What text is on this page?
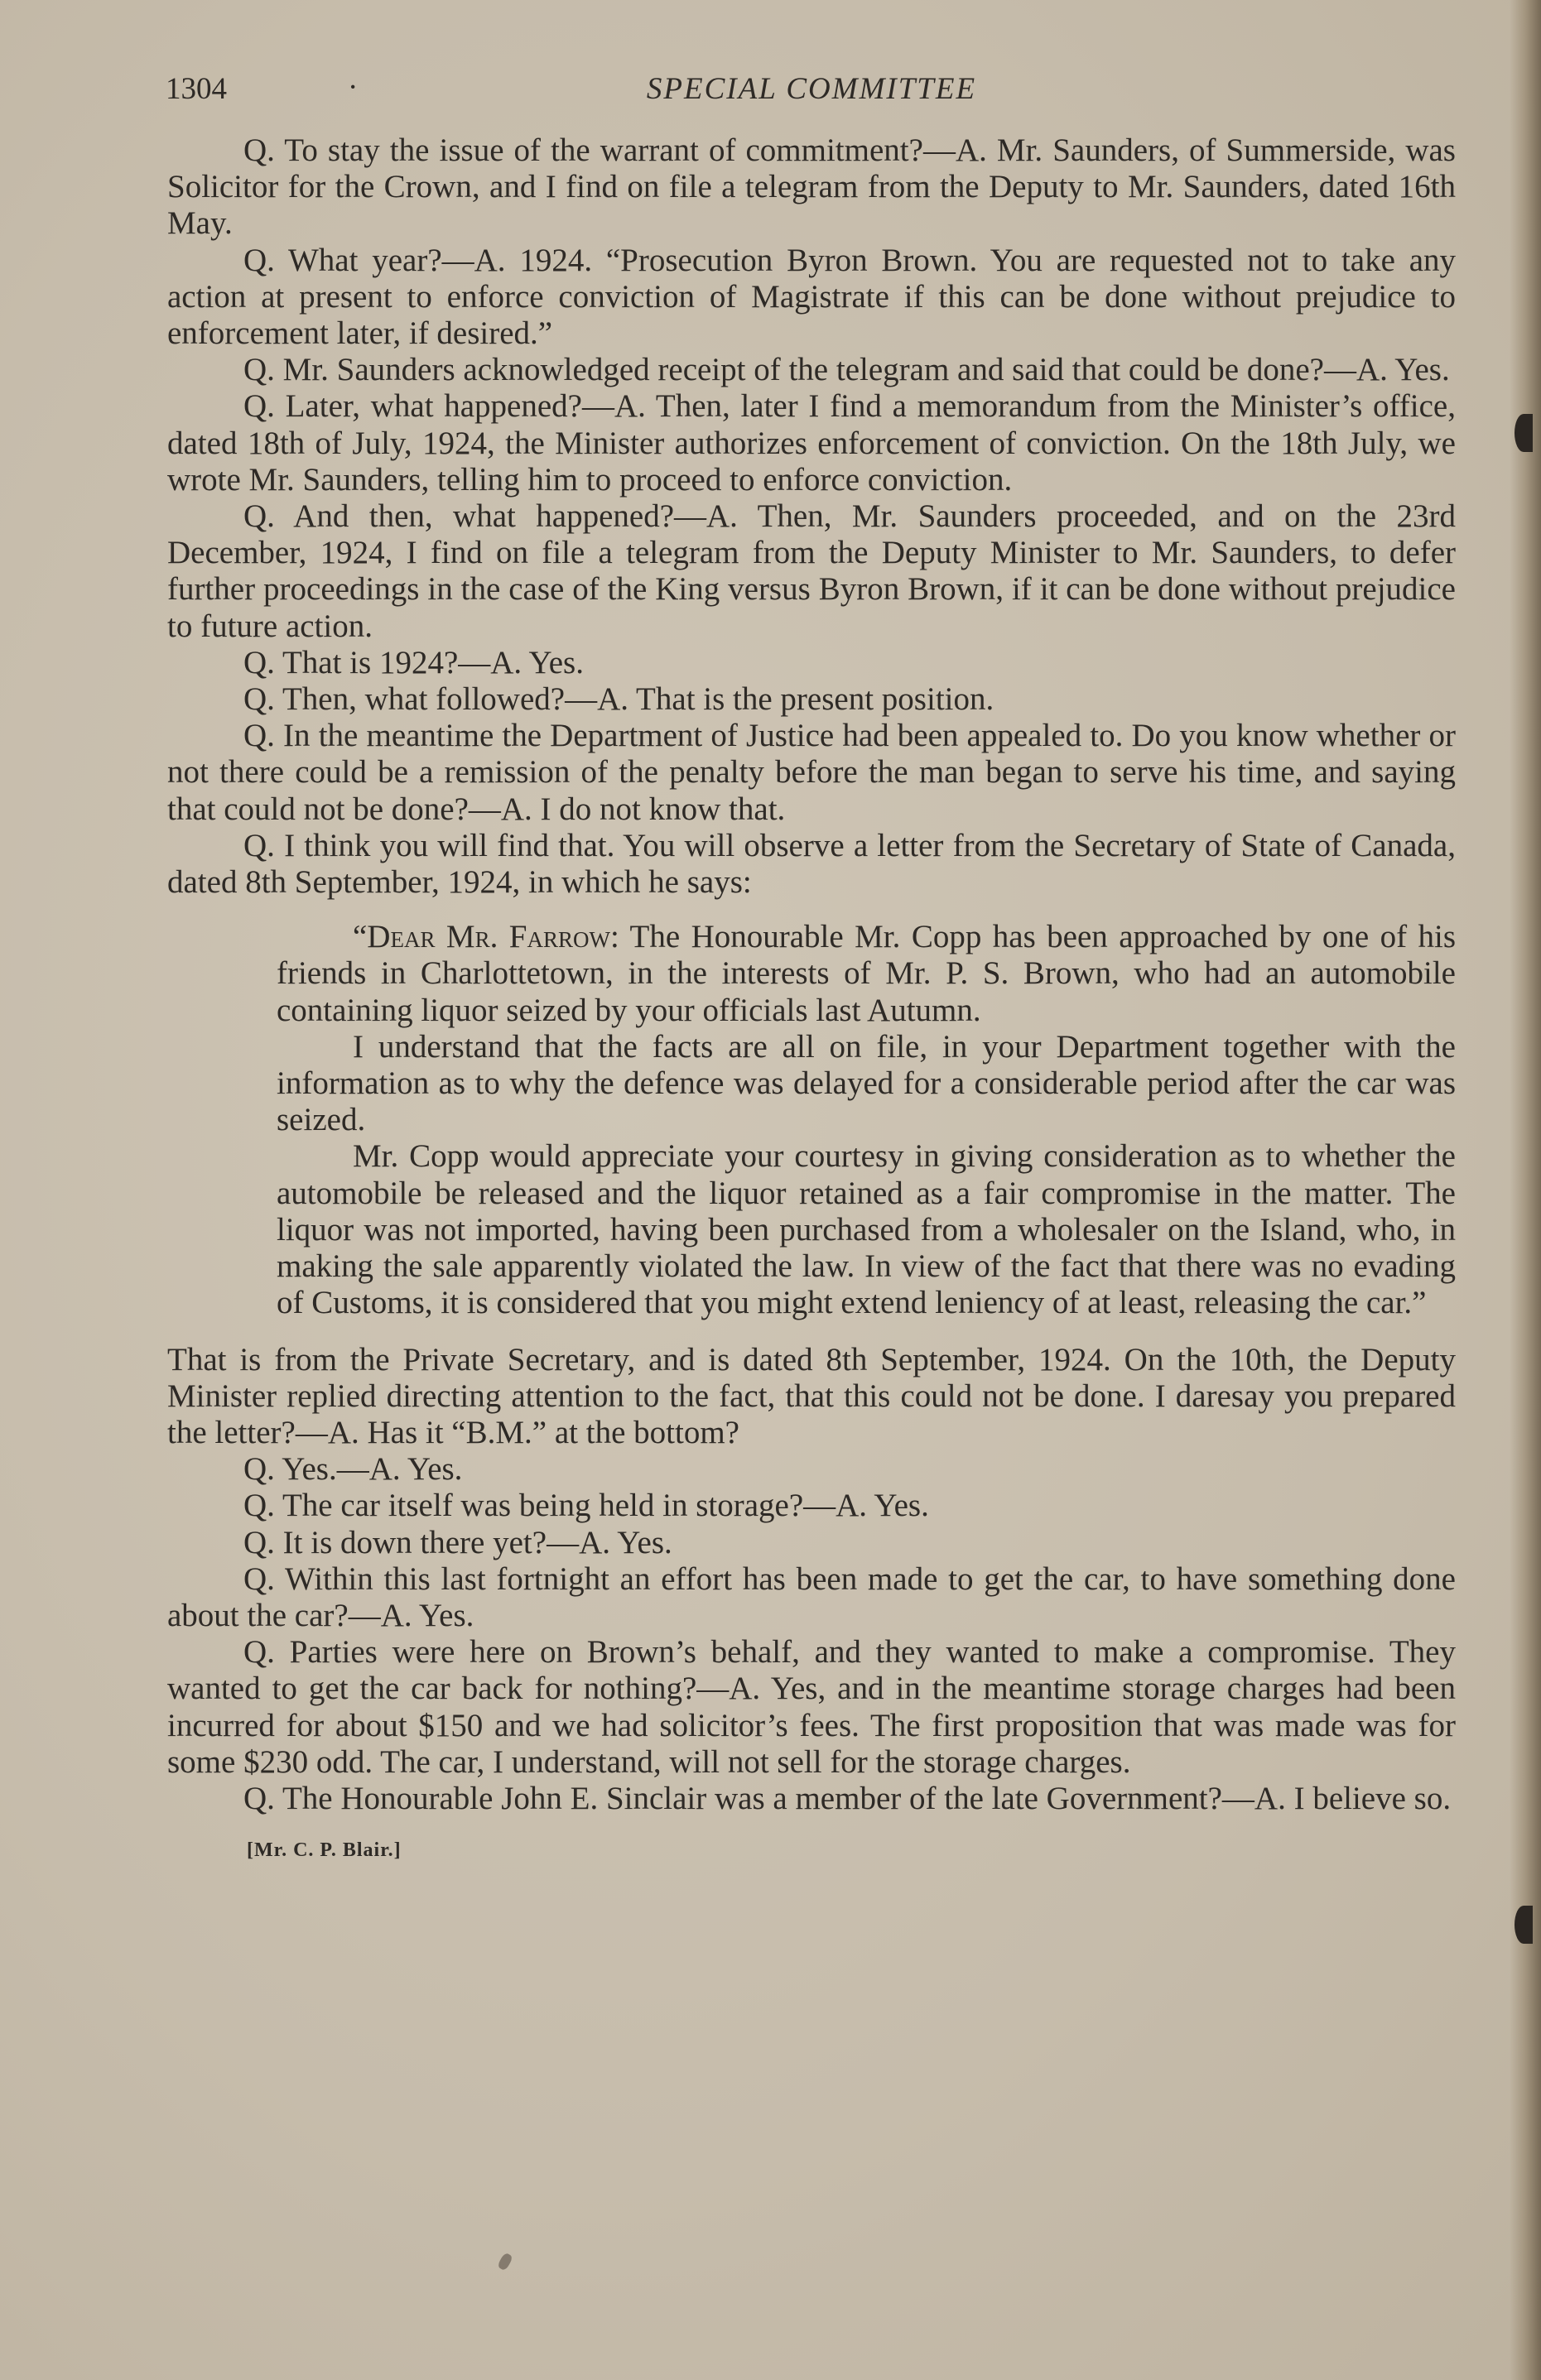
1304	·	SPECIAL COMMITTEE

Q. To stay the issue of the warrant of commitment?—A. Mr. Saunders, of Summerside, was Solicitor for the Crown, and I find on file a telegram from the Deputy to Mr. Saunders, dated 16th May.

Q. What year?—A. 1924. “Prosecution Byron Brown. You are requested not to take any action at present to enforce conviction of Magistrate if this can be done without prejudice to enforcement later, if desired.”

Q. Mr. Saunders acknowledged receipt of the telegram and said that could be done?—A. Yes.

Q. Later, what happened?—A. Then, later I find a memorandum from the Minister’s office, dated 18th of July, 1924, the Minister authorizes enforcement of conviction. On the 18th July, we wrote Mr. Saunders, telling him to proceed to enforce conviction.

Q. And then, what happened?—A. Then, Mr. Saunders proceeded, and on the 23rd December, 1924, I find on file a telegram from the Deputy Minister to Mr. Saunders, to defer further proceedings in the case of the King versus Byron Brown, if it can be done without prejudice to future action.

Q. That is 1924?—A. Yes.

Q. Then, what followed?—A. That is the present position.

Q. In the meantime the Department of Justice had been appealed to. Do you know whether or not there could be a remission of the penalty before the man began to serve his time, and saying that could not be done?—A. I do not know that.

Q. I think you will find that. You will observe a letter from the Secretary of State of Canada, dated 8th September, 1924, in which he says:

“Dear Mr. Farrow: The Honourable Mr. Copp has been approached by one of his friends in Charlottetown, in the interests of Mr. P. S. Brown, who had an automobile containing liquor seized by your officials last Autumn.

I understand that the facts are all on file, in your Department together with the information as to why the defence was delayed for a considerable period after the car was seized.

Mr. Copp would appreciate your courtesy in giving consideration as to whether the automobile be released and the liquor retained as a fair compromise in the matter. The liquor was not imported, having been purchased from a wholesaler on the Island, who, in making the sale apparently violated the law. In view of the fact that there was no evading of Customs, it is considered that you might extend leniency of at least, releasing the car.”

That is from the Private Secretary, and is dated 8th September, 1924. On the 10th, the Deputy Minister replied directing attention to the fact, that this could not be done. I daresay you prepared the letter?—A. Has it “B.M.” at the bottom?

Q. Yes.—A. Yes.

Q. The car itself was being held in storage?—A. Yes.

Q. It is down there yet?—A. Yes.

Q. Within this last fortnight an effort has been made to get the car, to have something done about the car?—A. Yes.

Q. Parties were here on Brown’s behalf, and they wanted to make a compromise. They wanted to get the car back for nothing?—A. Yes, and in the meantime storage charges had been incurred for about $150 and we had solicitor’s fees. The first proposition that was made was for some $230 odd. The car, I understand, will not sell for the storage charges.

Q. The Honourable John E. Sinclair was a member of the late Government?—A. I believe so.

[Mr. C. P. Blair.]
